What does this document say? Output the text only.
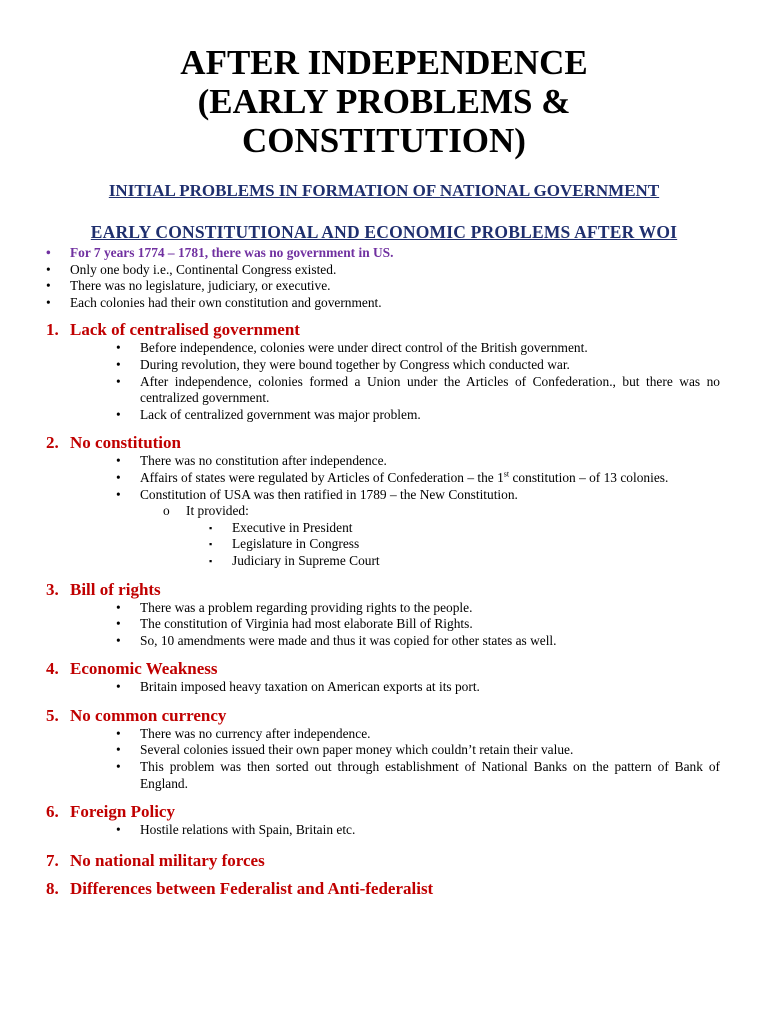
AFTER INDEPENDENCE
(EARLY PROBLEMS &
CONSTITUTION)
INITIAL PROBLEMS IN FORMATION OF NATIONAL GOVERNMENT
EARLY CONSTITUTIONAL AND ECONOMIC PROBLEMS AFTER WOI
• For 7 years 1774 – 1781, there was no government in US.
• Only one body i.e., Continental Congress existed.
• There was no legislature, judiciary, or executive.
• Each colonies had their own constitution and government.
1. Lack of centralised government
• Before independence, colonies were under direct control of the British government.
• During revolution, they were bound together by Congress which conducted war.
• After independence, colonies formed a Union under the Articles of Confederation., but there was no centralized government.
• Lack of centralized government was major problem.
2. No constitution
• There was no constitution after independence.
• Affairs of states were regulated by Articles of Confederation – the 1st constitution – of 13 colonies.
• Constitution of USA was then ratified in 1789 – the New Constitution.
o It provided:
▪ Executive in President
▪ Legislature in Congress
▪ Judiciary in Supreme Court
3. Bill of rights
• There was a problem regarding providing rights to the people.
• The constitution of Virginia had most elaborate Bill of Rights.
• So, 10 amendments were made and thus it was copied for other states as well.
4. Economic Weakness
• Britain imposed heavy taxation on American exports at its port.
5. No common currency
• There was no currency after independence.
• Several colonies issued their own paper money which couldn’t retain their value.
• This problem was then sorted out through establishment of National Banks on the pattern of Bank of England.
6. Foreign Policy
• Hostile relations with Spain, Britain etc.
7. No national military forces
8. Differences between Federalist and Anti-federalist
